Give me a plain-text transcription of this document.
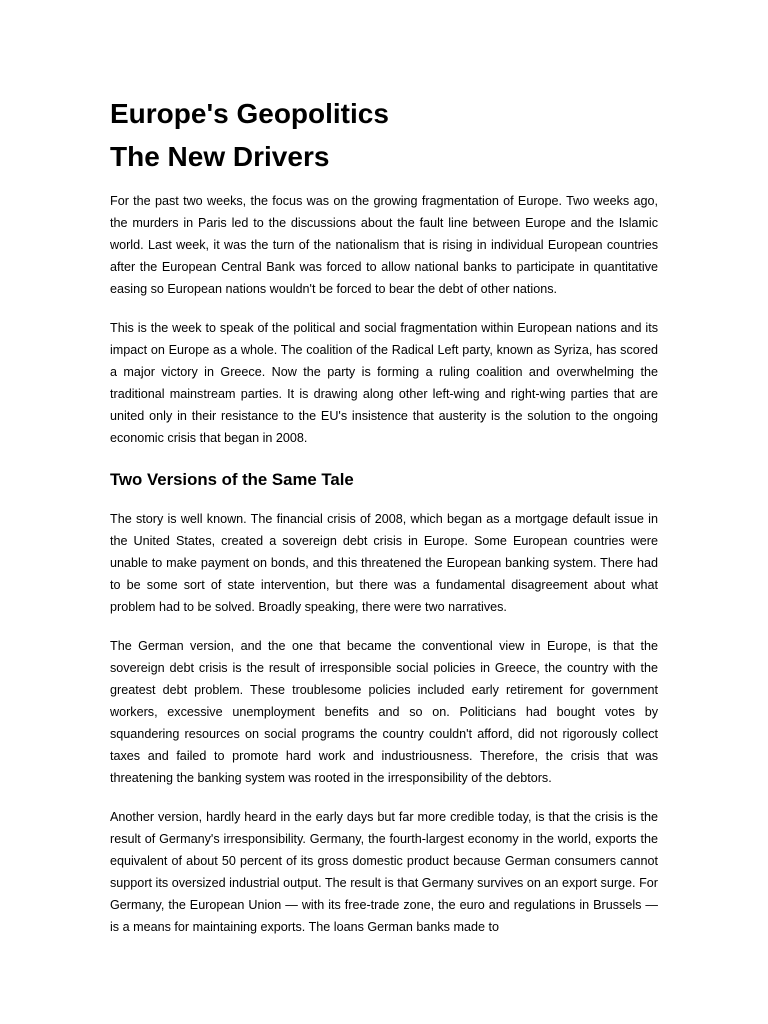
Europe's Geopolitics
The New Drivers

For the past two weeks, the focus was on the growing fragmentation of Europe. Two weeks ago, the murders in Paris led to the discussions about the fault line between Europe and the Islamic world. Last week, it was the turn of the nationalism that is rising in individual European countries after the European Central Bank was forced to allow national banks to participate in quantitative easing so European nations wouldn't be forced to bear the debt of other nations.

This is the week to speak of the political and social fragmentation within European nations and its impact on Europe as a whole. The coalition of the Radical Left party, known as Syriza, has scored a major victory in Greece. Now the party is forming a ruling coalition and overwhelming the traditional mainstream parties. It is drawing along other left-wing and right-wing parties that are united only in their resistance to the EU's insistence that austerity is the solution to the ongoing economic crisis that began in 2008.

Two Versions of the Same Tale

The story is well known. The financial crisis of 2008, which began as a mortgage default issue in the United States, created a sovereign debt crisis in Europe. Some European countries were unable to make payment on bonds, and this threatened the European banking system. There had to be some sort of state intervention, but there was a fundamental disagreement about what problem had to be solved. Broadly speaking, there were two narratives.

The German version, and the one that became the conventional view in Europe, is that the sovereign debt crisis is the result of irresponsible social policies in Greece, the country with the greatest debt problem. These troublesome policies included early retirement for government workers, excessive unemployment benefits and so on. Politicians had bought votes by squandering resources on social programs the country couldn't afford, did not rigorously collect taxes and failed to promote hard work and industriousness. Therefore, the crisis that was threatening the banking system was rooted in the irresponsibility of the debtors.

Another version, hardly heard in the early days but far more credible today, is that the crisis is the result of Germany's irresponsibility. Germany, the fourth-largest economy in the world, exports the equivalent of about 50 percent of its gross domestic product because German consumers cannot support its oversized industrial output. The result is that Germany survives on an export surge. For Germany, the European Union — with its free-trade zone, the euro and regulations in Brussels — is a means for maintaining exports. The loans German banks made to
